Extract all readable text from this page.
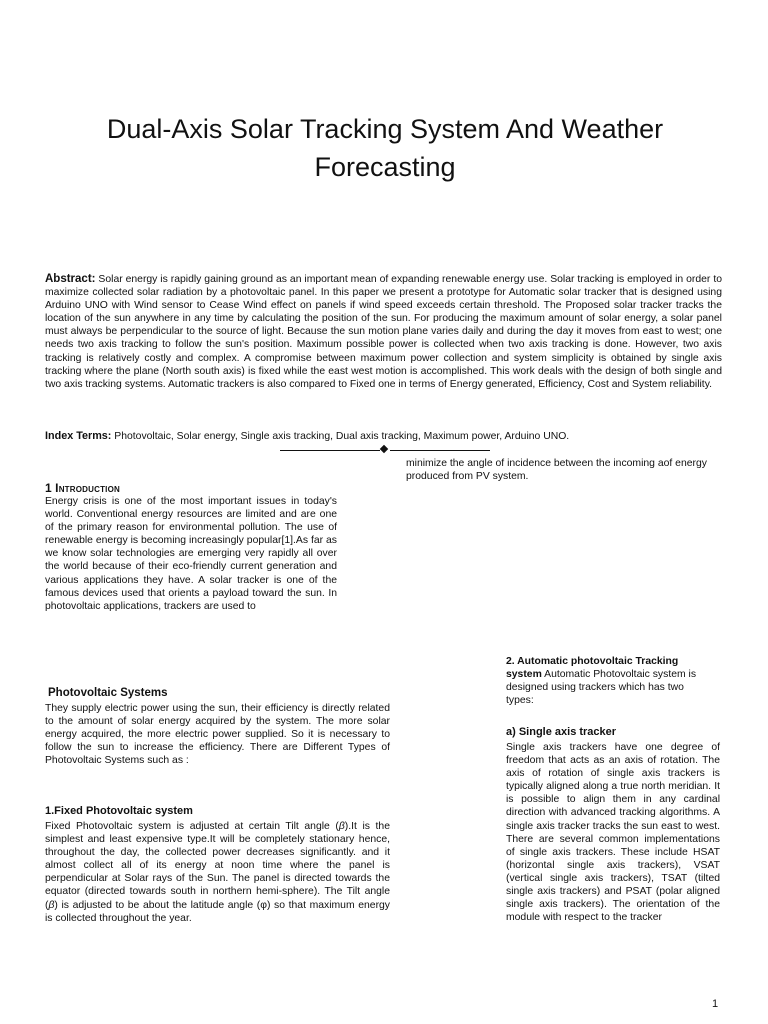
Dual-Axis Solar Tracking System And Weather Forecasting

Abstract: Solar energy is rapidly gaining ground as an important mean of expanding renewable energy use. Solar tracking is employed in order to maximize collected solar radiation by a photovoltaic panel. In this paper we present a prototype for Automatic solar tracker that is designed using Arduino UNO with Wind sensor to Cease Wind effect on panels if wind speed exceeds certain threshold. The Proposed solar tracker tracks the location of the sun anywhere in any time by calculating the position of the sun. For producing the maximum amount of solar energy, a solar panel must always be perpendicular to the source of light. Because the sun motion plane varies daily and during the day it moves from east to west; one needs two axis tracking to follow the sun's position. Maximum possible power is collected when two axis tracking is done. However, two axis tracking is relatively costly and complex. A compromise between maximum power collection and system simplicity is obtained by single axis tracking where the plane (North south axis) is fixed while the east west motion is accomplished. This work deals with the design of both single and two axis tracking systems. Automatic trackers is also compared to Fixed one in terms of Energy generated, Efficiency, Cost and System reliability.

Index Terms: Photovoltaic, Solar energy, Single axis tracking, Dual axis tracking, Maximum power, Arduino UNO.

minimize the angle of incidence between the incoming aof energy produced from PV system.

1 Introduction

Energy crisis is one of the most important issues in today's world. Conventional energy resources are limited and are one of the primary reason for environmental pollution. The use of renewable energy is becoming increasingly popular[1].As far as we know solar technologies are emerging very rapidly all over the world because of their eco-friendly current generation and various applications they have. A solar tracker is one of the famous devices used that orients a payload toward the sun. In photovoltaic applications, trackers are used to

Photovoltaic Systems

They supply electric power using the sun, their efficiency is directly related to the amount of solar energy acquired by the system. The more solar energy acquired, the more electric power supplied. So it is necessary to follow the sun to increase the efficiency. There are Different Types of Photovoltaic Systems such as :

1.Fixed Photovoltaic system

Fixed Photovoltaic system is adjusted at certain Tilt angle (β).It is the simplest and least expensive type.It will be completely stationary hence, throughout the day, the collected power decreases significantly. and it almost collect all of its energy at noon time where the panel is perpendicular at Solar rays of the Sun. The panel is directed towards the equator (directed towards south in northern hemi-sphere). The Tilt angle (β) is adjusted to be about the latitude angle (φ) so that maximum energy is collected throughout the year.

2. Automatic photovoltaic Tracking system Automatic Photovoltaic system is designed using trackers which has two types:

a) Single axis tracker

Single axis trackers have one degree of freedom that acts as an axis of rotation. The axis of rotation of single axis trackers is typically aligned along a true north meridian. It is possible to align them in any cardinal direction with advanced tracking algorithms. A single axis tracker tracks the sun east to west. There are several common implementations of single axis trackers. These include HSAT (horizontal single axis trackers), VSAT (vertical single axis trackers), TSAT (tilted single axis trackers) and PSAT (polar aligned single axis trackers). The orientation of the module with respect to the tracker

1
